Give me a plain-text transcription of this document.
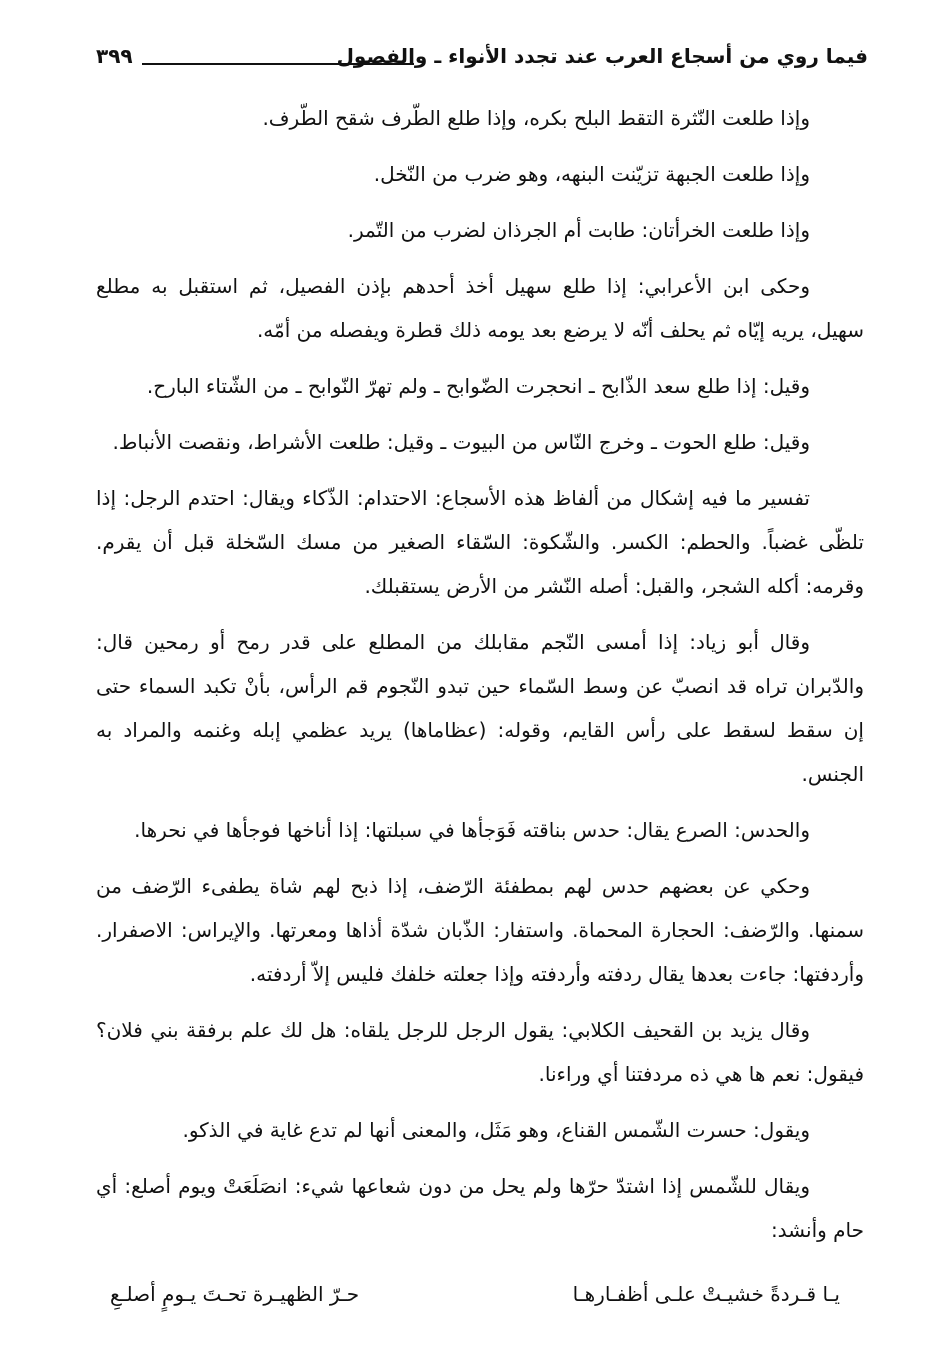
فيما روي من أسجاع العرب عند تجدد الأنواء ـ والفصول
٣٩٩

وإذا طلعت النّثرة التقط البلح بكره، وإذا طلع الطّرف شقح الطّرف.

وإذا طلعت الجبهة تزيّنت البنهه، وهو ضرب من النّخل.

وإذا طلعت الخرأتان: طابت أم الجرذان لضرب من التّمر.

وحكى ابن الأعرابي: إذا طلع سهيل أخذ أحدهم بإذن الفصيل، ثم استقبل به مطلع سهيل، يريه إيّاه ثم يحلف أنّه لا يرضع بعد يومه ذلك قطرة ويفصله من أمّه.

وقيل: إذا طلع سعد الذّابح ـ انحجرت الضّوابح ـ ولم تهرّ النّوابح ـ من الشّتاء البارح.

وقيل: طلع الحوت ـ وخرج النّاس من البيوت ـ وقيل: طلعت الأشراط، ونقصت الأنباط.

تفسير ما فيه إشكال من ألفاظ هذه الأسجاع: الاحتدام: الذّكاء ويقال: احتدم الرجل: إذا تلظّى غضباً. والحطم: الكسر. والشّكوة: السّقاء الصغير من مسك السّخلة قبل أن يقرم. وقرمه: أكله الشجر، والقبل: أصله النّشر من الأرض يستقبلك.

وقال أبو زياد: إذا أمسى النّجم مقابلك من المطلع على قدر رمح أو رمحين قال: والدّبران تراه قد انصبّ عن وسط السّماء حين تبدو النّجوم قم الرأس، بأنْ تكبد السماء حتى إن سقط لسقط على رأس القايم، وقوله: (عظاماها) يريد عظمي إبله وغنمه والمراد به الجنس.

والحدس: الصرع يقال: حدس بناقته فَوَجأها في سبلتها: إذا أناخها فوجأها في نحرها.

وحكي عن بعضهم حدس لهم بمطفئة الرّضف، إذا ذبح لهم شاة يطفىء الرّضف من سمنها. والرّضف: الحجارة المحماة. واستفار: الذّبان شدّة أذاها ومعرتها. والإيراس: الاصفرار. وأردفتها: جاءت بعدها يقال ردفته وأردفته وإذا جعلته خلفك فليس إلاّ أردفته.

وقال يزيد بن القحيف الكلابي: يقول الرجل للرجل يلقاه: هل لك علم برفقة بني فلان؟ فيقول: نعم ها هي ذه مردفتنا أي وراءنا.

ويقول: حسرت الشّمس القناع، وهو مَثَل، والمعنى أنها لم تدع غاية في الذكو.

ويقال للشّمس إذا اشتدّ حرّها ولم يحل من دون شعاعها شيء: انصَلَعَتْ ويوم أصلع: أي حام وأنشد:

يـا قـردةً خشيـتْ علـى أظفـارهـا
حـرّ الظهيـرة تحـتَ يـومٍ أصلـعِ
